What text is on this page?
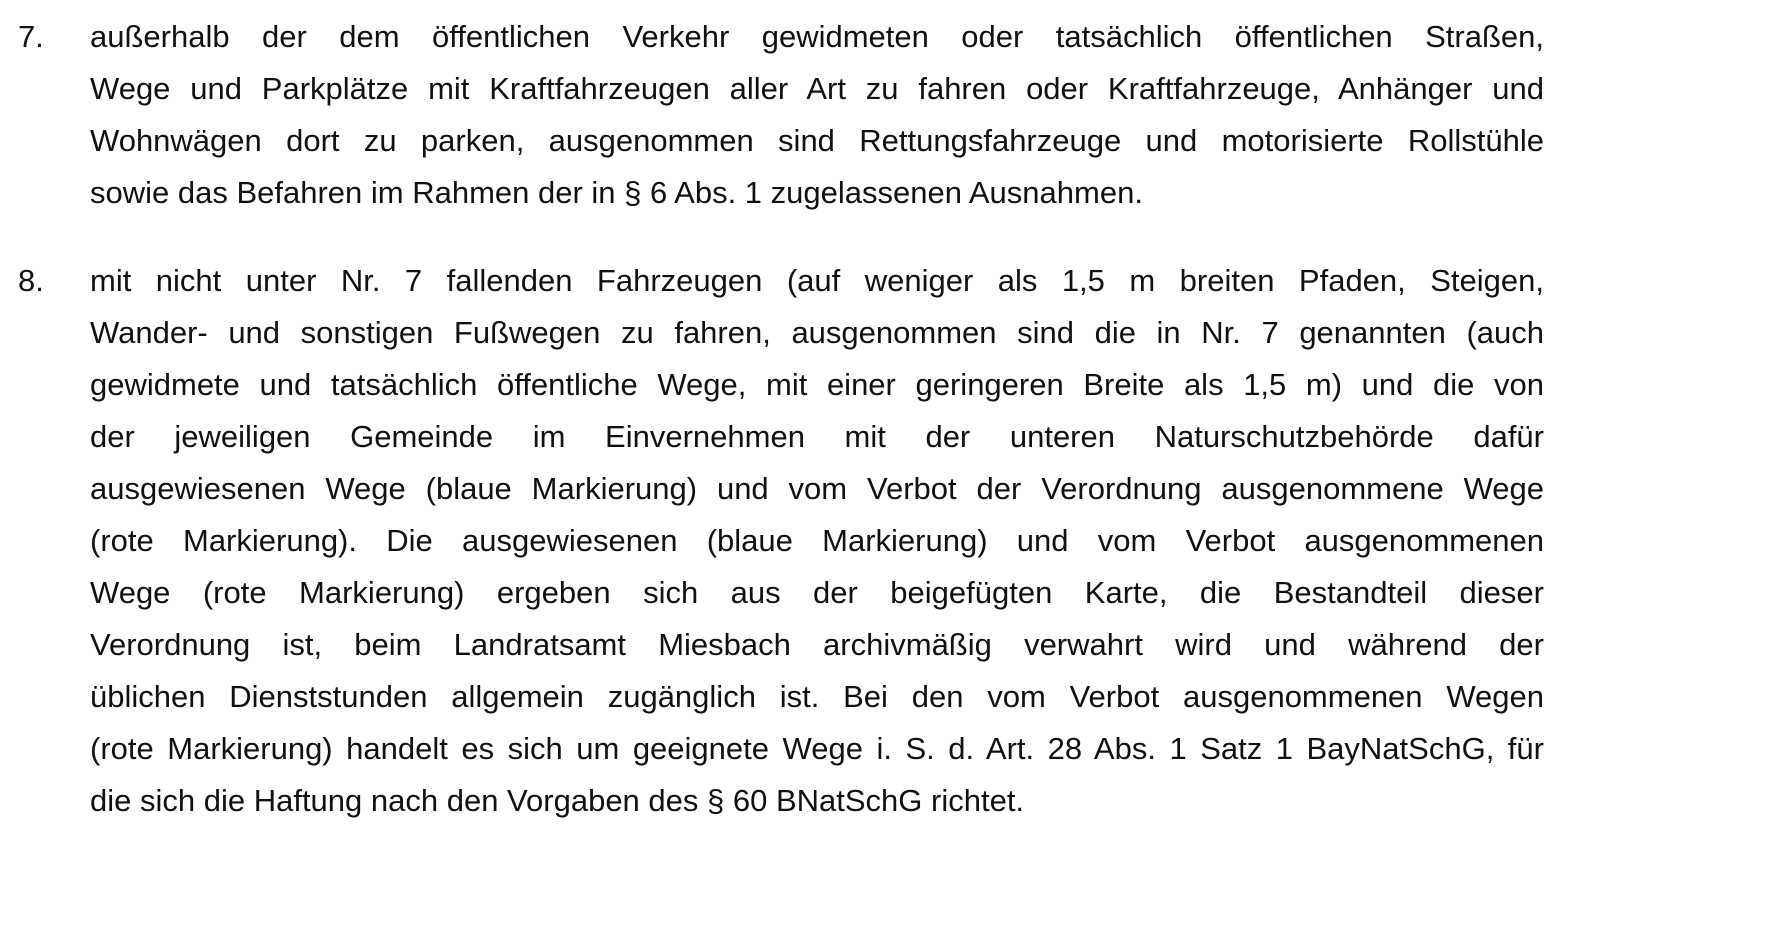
7.	außerhalb der dem öffentlichen Verkehr gewidmeten oder tatsächlich öffentlichen Straßen,
Wege und Parkplätze mit Kraftfahrzeugen aller Art zu fahren oder Kraftfahrzeuge, Anhänger und
Wohnwägen dort zu parken, ausgenommen sind Rettungsfahrzeuge und motorisierte Rollstühle
sowie das Befahren im Rahmen der in § 6 Abs. 1 zugelassenen Ausnahmen.
8.	mit nicht unter Nr. 7 fallenden Fahrzeugen (auf weniger als 1,5 m breiten Pfaden, Steigen,
Wander- und sonstigen Fußwegen zu fahren, ausgenommen sind die in Nr. 7 genannten (auch
gewidmete und tatsächlich öffentliche Wege, mit einer geringeren Breite als 1,5 m) und die von
der jeweiligen Gemeinde im Einvernehmen mit der unteren Naturschutzbehörde dafür
ausgewiesenen Wege (blaue Markierung) und vom Verbot der Verordnung ausgenommene Wege
(rote Markierung). Die ausgewiesenen (blaue Markierung) und vom Verbot ausgenommenen
Wege (rote Markierung) ergeben sich aus der beigefügten Karte, die Bestandteil dieser
Verordnung ist, beim Landratsamt Miesbach archivmäßig verwahrt wird und während der
üblichen Dienststunden allgemein zugänglich ist. Bei den vom Verbot ausgenommenen Wegen
(rote Markierung) handelt es sich um geeignete Wege i. S. d. Art. 28 Abs. 1 Satz 1 BayNatSchG, für
die sich die Haftung nach den Vorgaben des § 60 BNatSchG richtet.
